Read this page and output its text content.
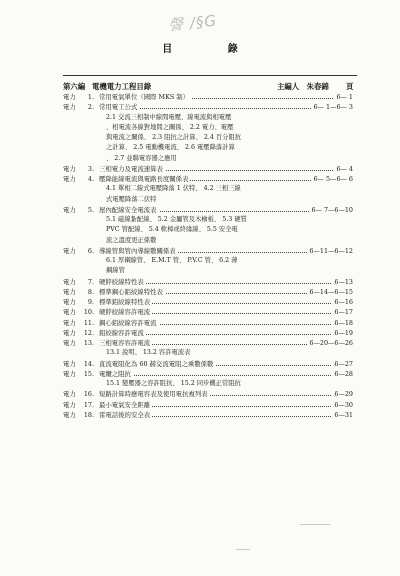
謦 /§G
目	錄
第六編 電機電力工程目錄	主編人　朱春錦 頁
電力	1. 常用電氣單位（國際 MKS 制）	6— 1
電力	2. 常用電工公式	6— 1—6— 3
2.1 交流三相制中線間電壓、線電流與相電壓
、相電流各線對地間之關係、 2.2 電力、電壓
與電流之關係、 2.3 阻抗之計算、 2.4 百分阻抗
之計算、 2.5 電動機電流、 2.6 電壓降落計算
、 2.7 並聯電容器之應用
電力	3. 三相電力及電流速算表	6— 4
電力	4. 壓降能線電流與電路長度關係表	6— 5—6— 6
4.1 單相二線式電壓降落 1 伏特、 4.2 三相三線
式電壓降落二伏特
電力	5. 屋內配線安全電流表	6— 7—6—10
5.1 磁線紮配線、 5.2 金屬管及木檜板、 5.3 硬質
PVC 管配線、 5.4 軟樟或終緣線、 5.5 安全電
流之溫度更正係數
電力	6. 導線管與管內導線數關係表	6—11—6—12
6.1 厚鋼線管、 E.M.T 管、 P.V.C 管、 6.2 薄
鋼線管
電力	7. 硬鋅絞線特性表	6—13
電力	8. 標準鋼心鋁絞線特性表	6—14—6—15
電力	9. 標準鋁絞線特性表	6—16
電力	10. 硬鋅絞線容許電流	6—17
電力	11. 鋼心鋁絞線容許電流	6—18
電力	12. 鋁絞線容許電流	6—19
電力	13. 三相電容容許電流	6—20—6—26
13.1 說明、 13.2 容許電流表
電力	14. 直流電阻化為 60 赫交流電阻之乘數係數	6—27
電力	15. 電纜之阻抗	6—28
15.1 變壓器之容許阻抗、 15.2 同步機正常阻抗
電力	16. 短路計算時應電容表及使用電抗複列表	6—29
電力	17. 最小電氣安全距離	6—30
電力	18. 雷電話後的安全表	6—31
